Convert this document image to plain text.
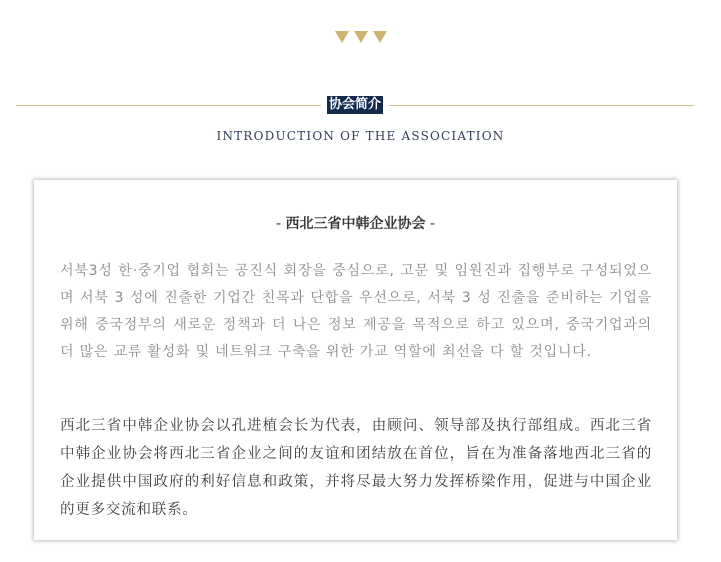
协会简介
INTRODUCTION OF THE ASSOCIATION
- 西北三省中韩企业协会 -

서북3성 한·중기업 협회는 공진식 회장을 중심으로, 고문 및 임원진과 집행부로 구성되었으며 서북 3 성에 진출한 기업간 친목과 단합을 우선으로, 서북 3 성 진출을 준비하는 기업을 위해 중국정부의 새로운 정책과 더 나은 정보 제공을 목적으로 하고 있으며, 중국기업과의 더 많은 교류 활성화 및 네트워크 구축을 위한 가교 역할에 최선을 다 할 것입니다.

西北三省中韩企业协会以孔进植会长为代表，由顾问、领导部及执行部组成。西北三省中韩企业协会将西北三省企业之间的友谊和团结放在首位，旨在为准备落地西北三省的企业提供中国政府的利好信息和政策，并将尽最大努力发挥桥梁作用，促进与中国企业的更多交流和联系。
